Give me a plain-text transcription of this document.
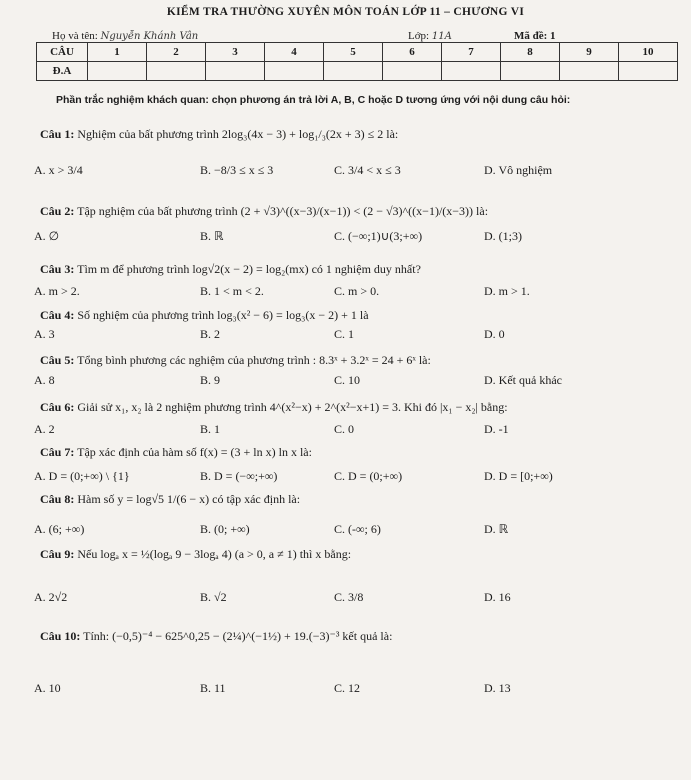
KIỂM TRA THƯỜNG XUYÊN MÔN TOÁN LỚP 11 – CHƯƠNG VI
Họ và tên: Nguyễn Khánh Vân	Lớp: 11A	Mã đề: 1
CÂU	1	2	3	4	5	6	7	8	9	10
Đ.A										
Phần trắc nghiệm khách quan: chọn phương án trả lời A, B, C hoặc D tương ứng với nội dung câu hỏi:
Câu 1: Nghiệm của bất phương trình 2log₃(4x − 3) + log₁/₃(2x + 3) ≤ 2 là:
A. x > 3/4	B. −8/3 ≤ x ≤ 3	C. 3/4 < x ≤ 3	D. Vô nghiệm
Câu 2: Tập nghiệm của bất phương trình (2 + √3)^((x−3)/(x−1)) < (2 − √3)^((x−1)/(x−3)) là:
A. ∅	B. ℝ	C. (−∞;1)∪(3;+∞)	D. (1;3)
Câu 3: Tìm m để phương trình log√2(x − 2) = log₂(mx) có 1 nghiệm duy nhất?
A. m > 2.	B. 1 < m < 2.	C. m > 0.	D. m > 1.
Câu 4: Số nghiệm của phương trình log₃(x² − 6) = log₃(x − 2) + 1 là
A. 3	B. 2	C. 1	D. 0
Câu 5: Tổng bình phương các nghiệm của phương trình : 8.3ˣ + 3.2ˣ = 24 + 6ˣ là:
A. 8	B. 9	C. 10	D. Kết quả khác
Câu 6: Giải sử x₁, x₂ là 2 nghiệm phương trình 4^(x²−x) + 2^(x²−x+1) = 3. Khi đó |x₁ − x₂| bằng:
A. 2	B. 1	C. 0	D. -1
Câu 7: Tập xác định của hàm số f(x) = (3 + ln x) ln x là:
A. D = (0;+∞) \ {1}	B. D = (−∞;+∞)	C. D = (0;+∞)	D. D = [0;+∞)
Câu 8: Hàm số y = log√5 1/(6 − x) có tập xác định là:
A. (6; +∞)	B. (0; +∞)	C. (-∞; 6)	D. ℝ
Câu 9: Nếu logₐ x = ½(logₐ 9 − 3logₐ 4) (a > 0, a ≠ 1) thì x bằng:
A. 2√2	B. √2	C. 3/8	D. 16
Câu 10: Tính: (−0,5)⁻⁴ − 625^0,25 − (2¼)^(−1½) + 19.(−3)⁻³ kết quả là:
A. 10	B. 11	C. 12	D. 13
